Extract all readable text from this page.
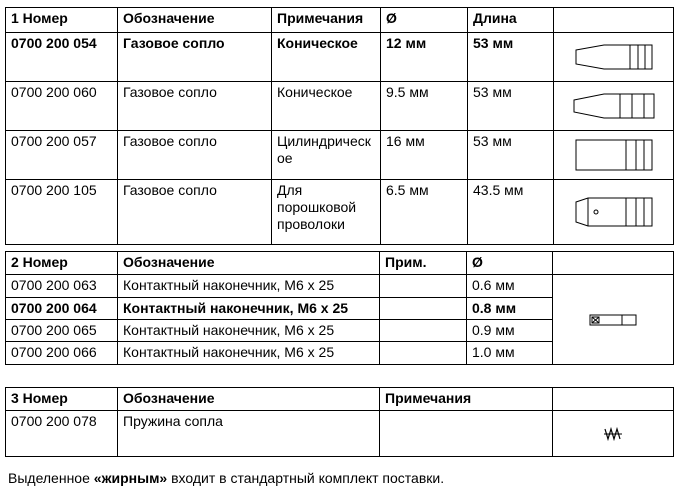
1 Номер	Обозначение	Примечания	Ø	Длина	
0700 200 054	Газовое сопло	Коническое	12 мм	53 мм	

0700 200 060	Газовое сопло	Коническое	9.5 мм	53 мм	

0700 200 057	Газовое сопло	Цилиндрическое	16 мм	53 мм	

0700 200 105	Газовое сопло	Для порошковой проволоки	6.5 мм	43.5 мм	
2 Номер	Обозначение	Прим.	Ø	
0700 200 063	Контактный наконечник, M6 x 25		0.6 мм	

0700 200 064	Контактный наконечник, M6 x 25		0.8 мм	
0700 200 065	Контактный наконечник, M6 x 25		0.9 мм	
0700 200 066	Контактный наконечник, M6 x 25		1.0 мм	
3 Номер	Обозначение	Примечания	
0700 200 078	Пружина сопла		
Выделенное «жирным» входит в стандартный комплект поставки.
